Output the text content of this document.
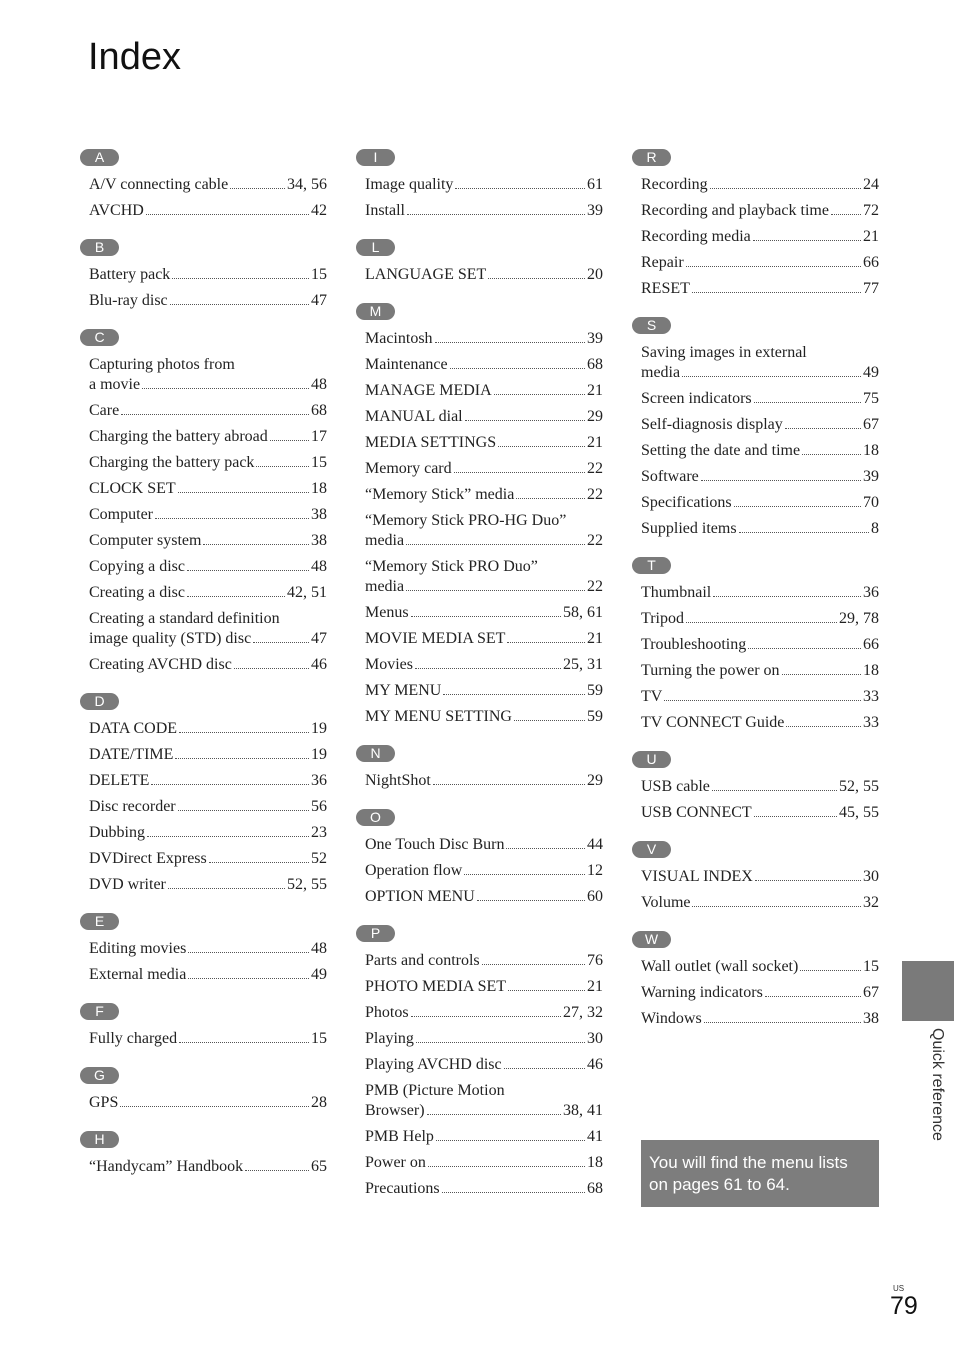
Index
A
A/V connecting cable	34, 56
AVCHD	42
B
Battery pack	15
Blu-ray disc	47
C
Capturing photos from
a movie	48
Care	68
Charging the battery abroad	17
Charging the battery pack	15
CLOCK SET	18
Computer	38
Computer system	38
Copying a disc	48
Creating a disc	42, 51
Creating a standard definition
image quality (STD) disc	47
Creating AVCHD disc	46
D
DATA CODE	19
DATE/TIME	19
DELETE	36
Disc recorder	56
Dubbing	23
DVDirect Express	52
DVD writer	52, 55
E
Editing movies	48
External media	49
F
Fully charged	15
G
GPS	28
H
“Handycam” Handbook	65
I
Image quality	61
Install	39
L
LANGUAGE SET	20
M
Macintosh	39
Maintenance	68
MANAGE MEDIA	21
MANUAL dial	29
MEDIA SETTINGS	21
Memory card	22
“Memory Stick” media	22
“Memory Stick PRO-HG Duo”
media	22
“Memory Stick PRO Duo”
media	22
Menus	58, 61
MOVIE MEDIA SET	21
Movies	25, 31
MY MENU	59
MY MENU SETTING	59
N
NightShot	29
O
One Touch Disc Burn	44
Operation flow	12
OPTION MENU	60
P
Parts and controls	76
PHOTO MEDIA SET	21
Photos	27, 32
Playing	30
Playing AVCHD disc	46
PMB (Picture Motion
Browser)	38, 41
PMB Help	41
Power on	18
Precautions	68
R
Recording	24
Recording and playback time 72
Recording media	21
Repair	66
RESET	77
S
Saving images in external
media	49
Screen indicators	75
Self-diagnosis display	67
Setting the date and time	18
Software	39
Specifications	70
Supplied items	8
T
Thumbnail	36
Tripod	29, 78
Troubleshooting	66
Turning the power on	18
TV	33
TV CONNECT Guide	33
U
USB cable	52, 55
USB CONNECT	45, 55
V
VISUAL INDEX	30
Volume	32
W
Wall outlet (wall socket)	15
Warning indicators	67
Windows	38
Quick reference
You will find the menu lists on pages 61 to 64.
US
79
